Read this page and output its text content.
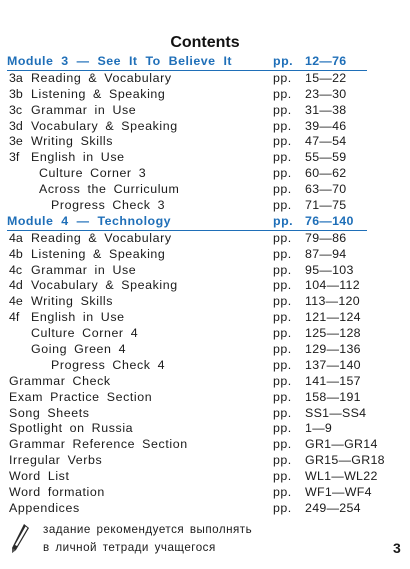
Contents
Module 3 — See It To Believe It	pp. 12—76
3a Reading & Vocabulary	pp. 15—22
3b Listening & Speaking	pp. 23—30
3c Grammar in Use	pp. 31—38
3d Vocabulary & Speaking	pp. 39—46
3e Writing Skills	pp. 47—54
3f English in Use	pp. 55—59
Culture Corner 3	pp. 60—62
Across the Curriculum	pp. 63—70
Progress Check 3	pp. 71—75
Module 4 — Technology	pp. 76—140
4a Reading & Vocabulary	pp. 79—86
4b Listening & Speaking	pp. 87—94
4c Grammar in Use	pp. 95—103
4d Vocabulary & Speaking	pp. 104—112
4e Writing Skills	pp. 113—120
4f English in Use	pp. 121—124
Culture Corner 4	pp. 125—128
Going Green 4	pp. 129—136
Progress Check 4	pp. 137—140
Grammar Check	pp. 141—157
Exam Practice Section	pp. 158—191
Song Sheets	pp. SS1—SS4
Spotlight on Russia	pp. 1—9
Grammar Reference Section	pp. GR1—GR14
Irregular Verbs	pp. GR15—GR18
Word List	pp. WL1—WL22
Word formation	pp. WF1—WF4
Appendices	pp. 249—254
задание рекомендуется выполнять
в личной тетради учащегося	3
